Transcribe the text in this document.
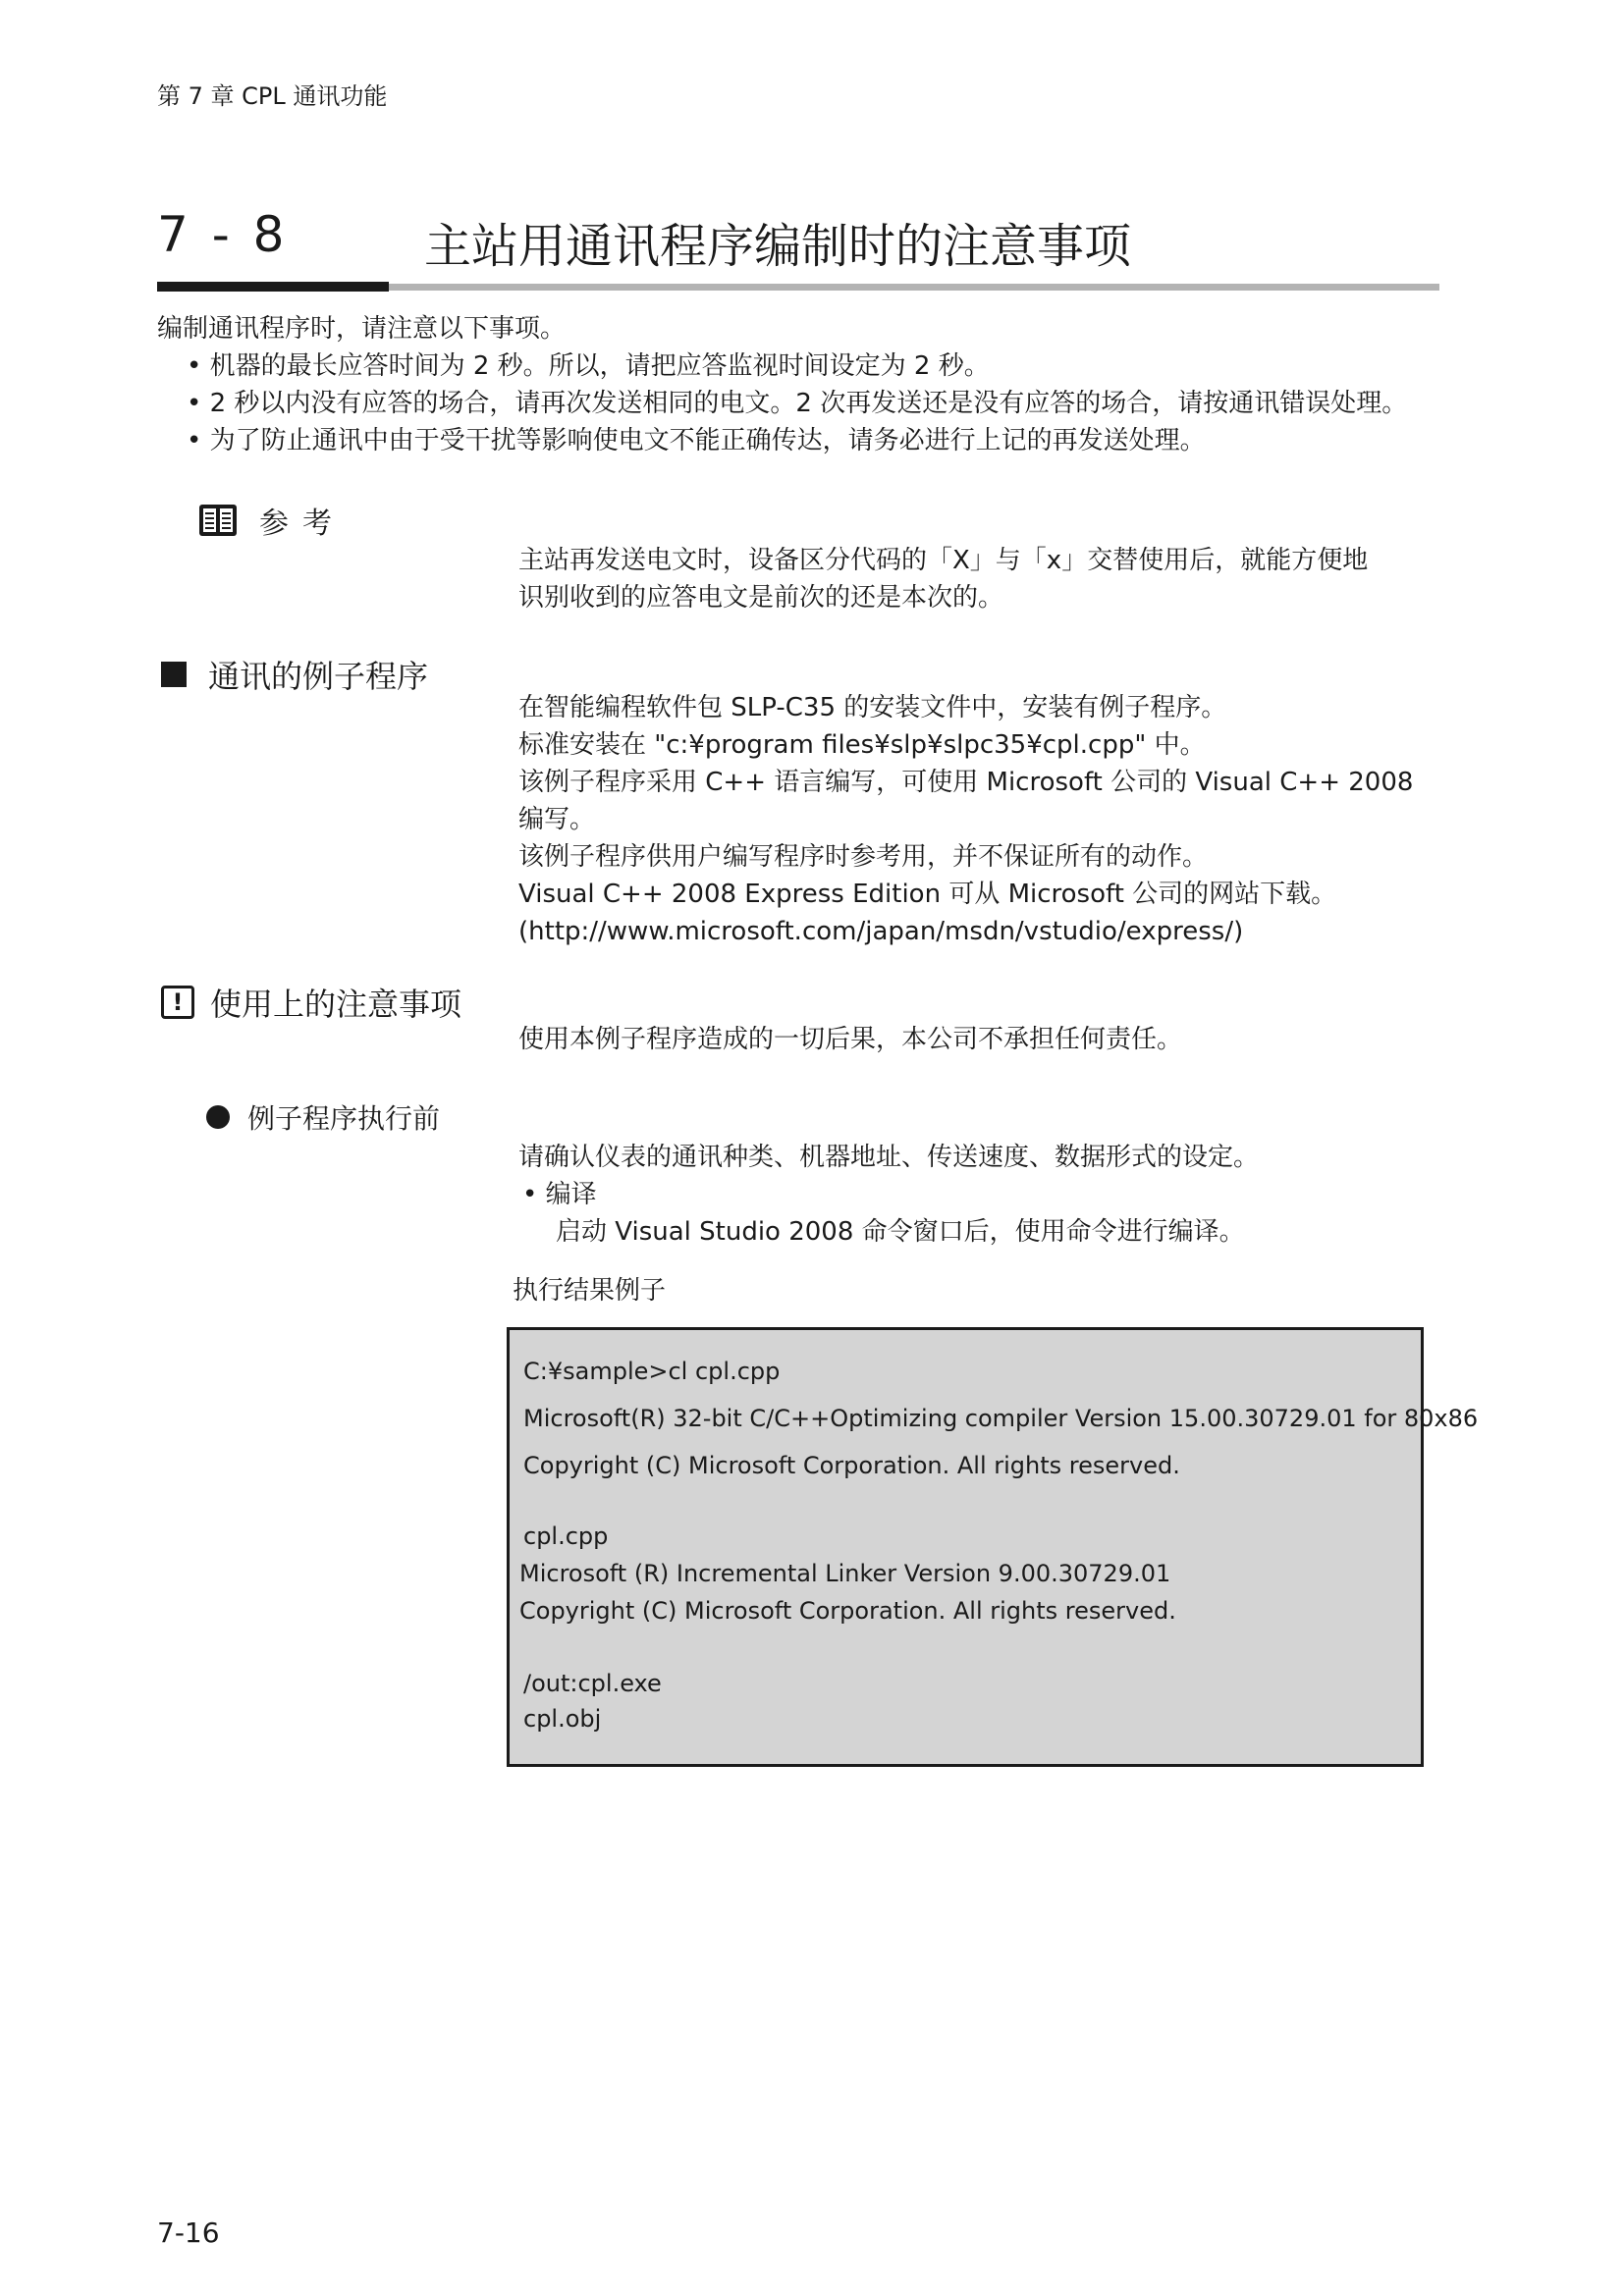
第 7 章 CPL 通讯功能
7 - 8	主站用通讯程序编制时的注意事项
编制通讯程序时，请注意以下事项。
• 机器的最长应答时间为 2 秒。所以，请把应答监视时间设定为 2 秒。
• 2 秒以内没有应答的场合，请再次发送相同的电文。2 次再发送还是没有应答的场合，请按通讯错误处理。
• 为了防止通讯中由于受干扰等影响使电文不能正确传达，请务必进行上记的再发送处理。
参考
主站再发送电文时，设备区分代码的「X」与「x」交替使用后，就能方便地
识别收到的应答电文是前次的还是本次的。
通讯的例子程序
在智能编程软件包 SLP-C35 的安装文件中，安装有例子程序。
标准安装在 "c:¥program files¥slp¥slpc35¥cpl.cpp" 中。
该例子程序采用 C++ 语言编写，可使用 Microsoft 公司的 Visual C++ 2008
编写。
该例子程序供用户编写程序时参考用，并不保证所有的动作。
Visual C++ 2008 Express Edition 可从 Microsoft 公司的网站下载。
(http://www.microsoft.com/japan/msdn/vstudio/express/)
! 使用上的注意事项
使用本例子程序造成的一切后果，本公司不承担任何责任。
例子程序执行前
请确认仪表的通讯种类、机器地址、传送速度、数据形式的设定。
• 编译
启动 Visual Studio 2008 命令窗口后，使用命令进行编译。
执行结果例子
C:¥sample>cl cpl.cpp
Microsoft(R) 32-bit C/C++Optimizing compiler Version 15.00.30729.01 for 80x86
Copyright (C) Microsoft Corporation. All rights reserved.
cpl.cpp
Microsoft (R) Incremental Linker Version 9.00.30729.01
Copyright (C) Microsoft Corporation. All rights reserved.
/out:cpl.exe
cpl.obj
7-16
